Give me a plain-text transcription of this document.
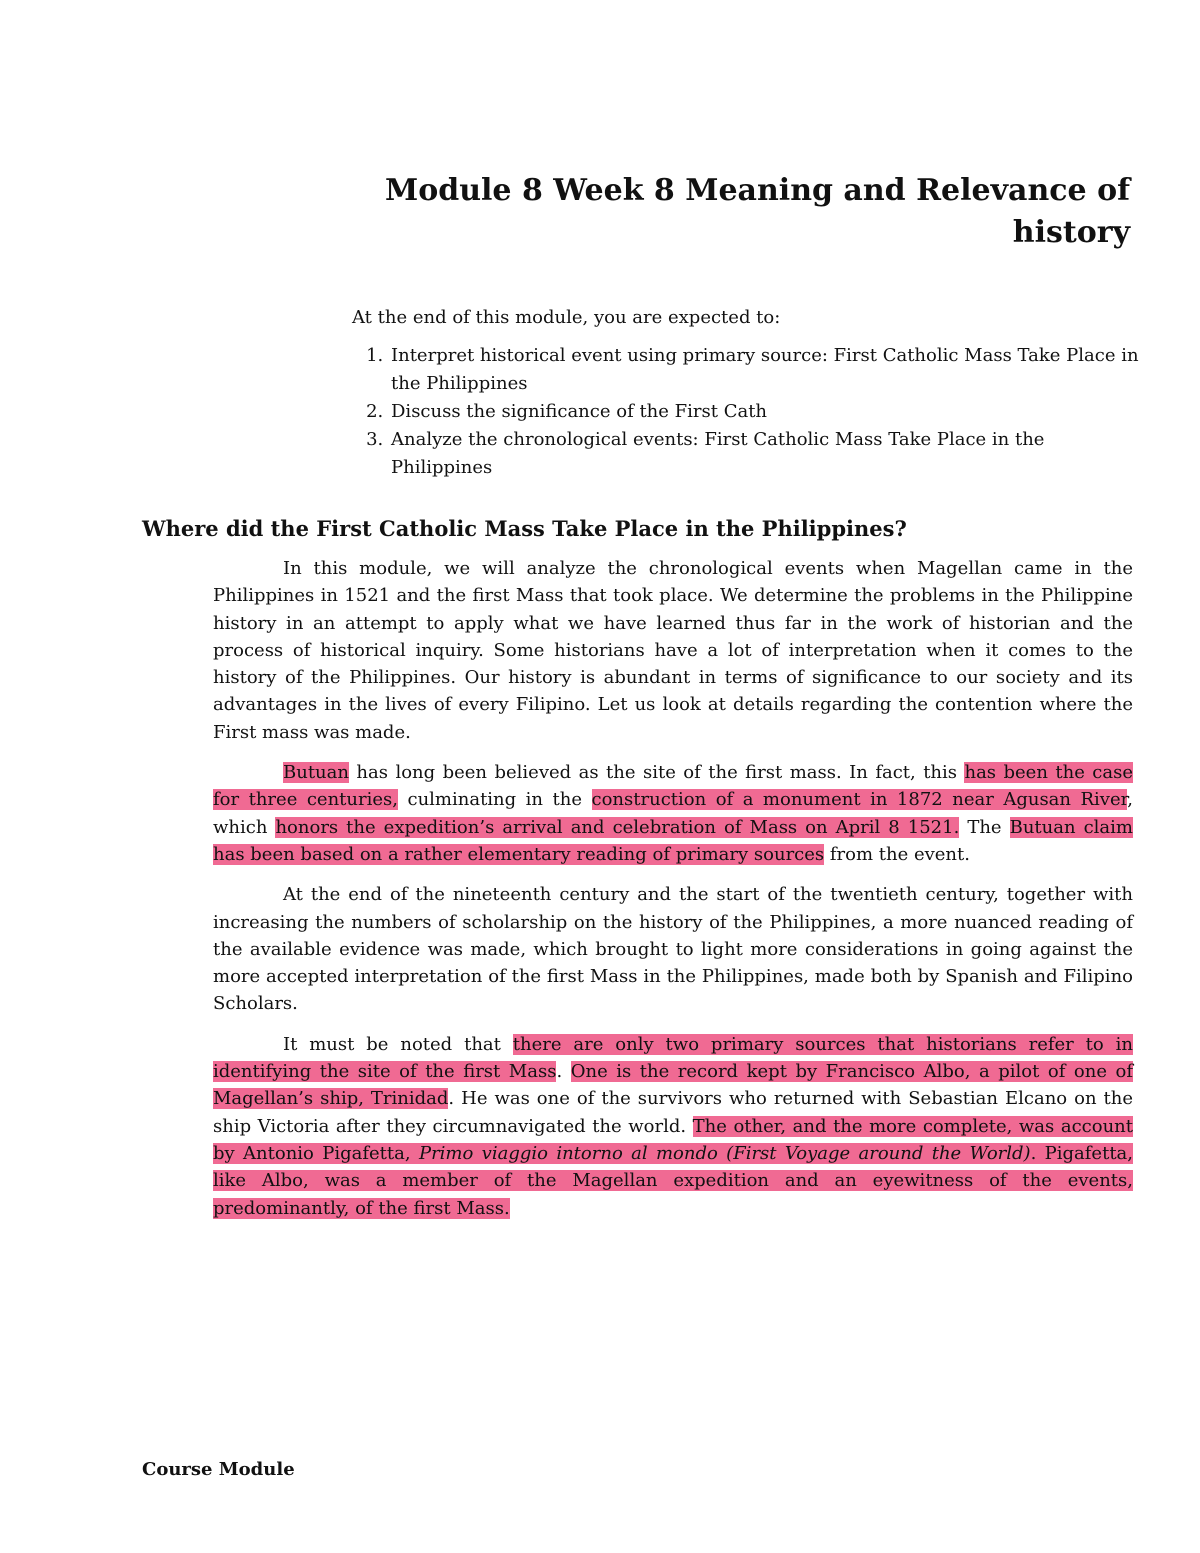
Module 8 Week 8 Meaning and Relevance of history

At the end of this module, you are expected to:

1. Interpret historical event using primary source: First Catholic Mass Take Place in the Philippines
2. Discuss the significance of the First Cath
3. Analyze the chronological events: First Catholic Mass Take Place in the Philippines
Where did the First Catholic Mass Take Place in the Philippines?

In this module, we will analyze the chronological events when Magellan came in the Philippines in 1521 and the first Mass that took place. We determine the problems in the Philippine history in an attempt to apply what we have learned thus far in the work of historian and the process of historical inquiry. Some historians have a lot of interpretation when it comes to the history of the Philippines. Our history is abundant in terms of significance to our society and its advantages in the lives of every Filipino. Let us look at details regarding the contention where the First mass was made.

Butuan has long been believed as the site of the first mass. In fact, this has been the case for three centuries, culminating in the construction of a monument in 1872 near Agusan River, which honors the expedition’s arrival and celebration of Mass on April 8 1521. The Butuan claim has been based on a rather elementary reading of primary sources from the event.

At the end of the nineteenth century and the start of the twentieth century, together with increasing the numbers of scholarship on the history of the Philippines, a more nuanced reading of the available evidence was made, which brought to light more considerations in going against the more accepted interpretation of the first Mass in the Philippines, made both by Spanish and Filipino Scholars.

It must be noted that there are only two primary sources that historians refer to in identifying the site of the first Mass. One is the record kept by Francisco Albo, a pilot of one of Magellan’s ship, Trinidad. He was one of the survivors who returned with Sebastian Elcano on the ship Victoria after they circumnavigated the world. The other, and the more complete, was account by Antonio Pigafetta, Primo viaggio intorno al mondo (First Voyage around the World). Pigafetta, like Albo, was a member of the Magellan expedition and an eyewitness of the events, predominantly, of the first Mass.

Course Module
